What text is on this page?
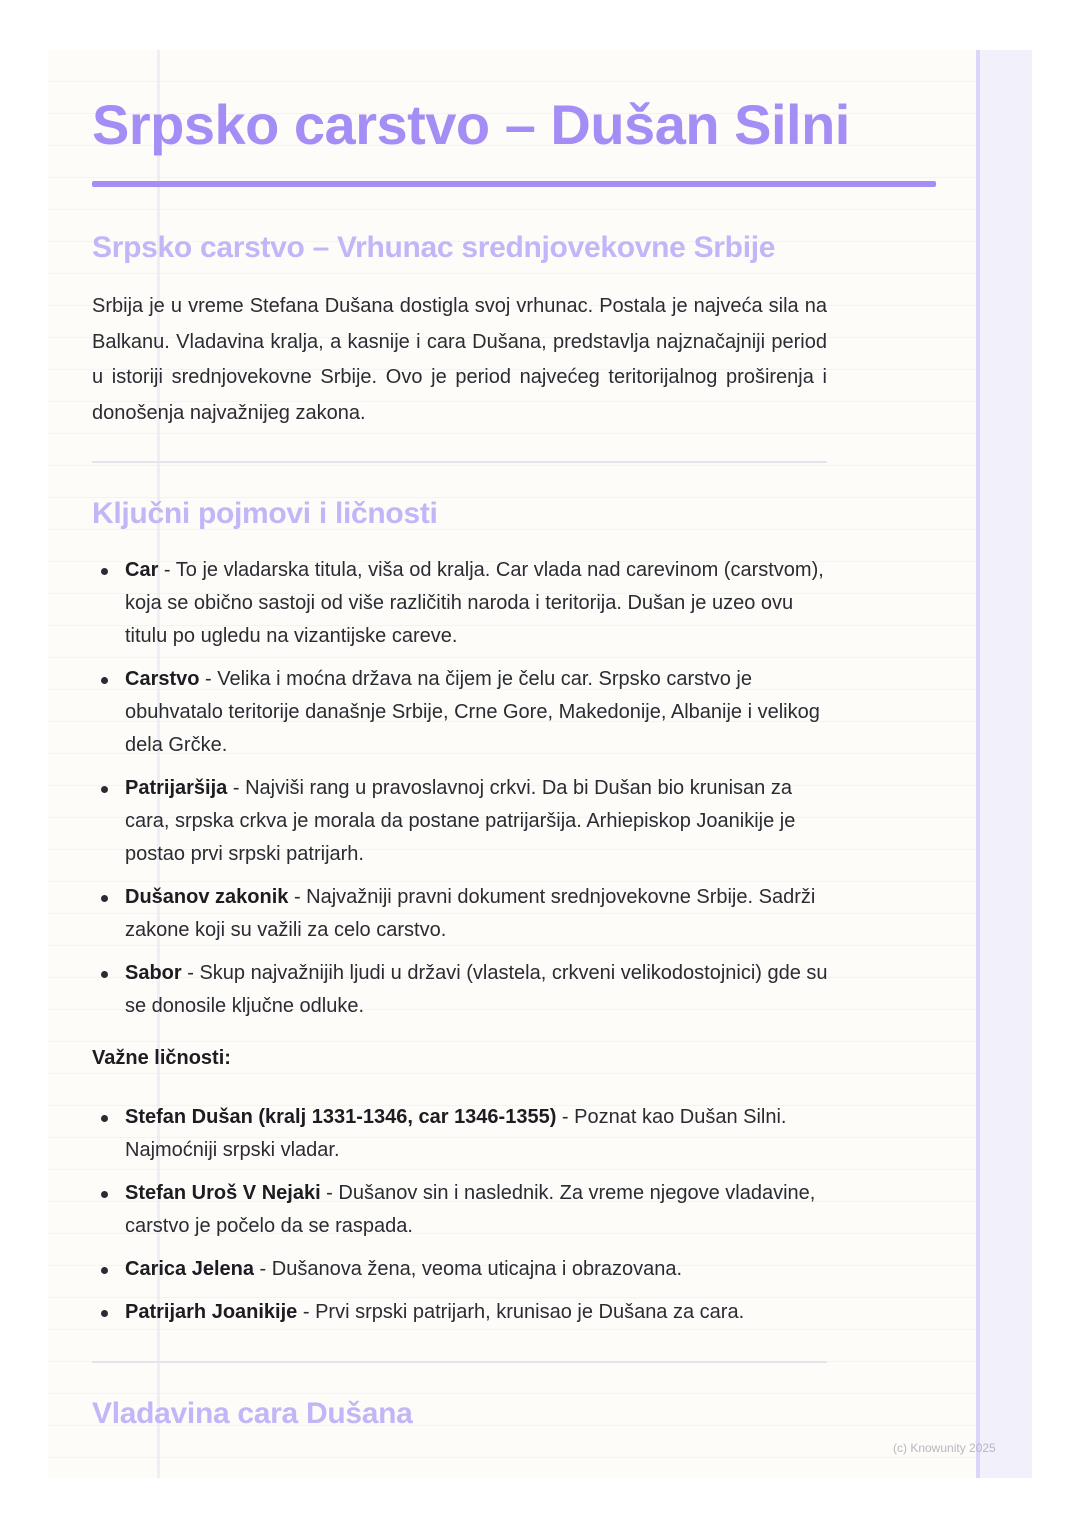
Srpsko carstvo – Dušan Silni
Srpsko carstvo – Vrhunac srednjovekovne Srbije

Srbija je u vreme Stefana Dušana dostigla svoj vrhunac. Postala je najveća sila na Balkanu. Vladavina kralja, a kasnije i cara Dušana, predstavlja najznačajniji period u istoriji srednjovekovne Srbije. Ovo je period najvećeg teritorijalnog proširenja i donošenja najvažnijeg zakona.

Ključni pojmovi i ličnosti
Car - To je vladarska titula, viša od kralja. Car vlada nad carevinom (carstvom), koja se obično sastoji od više različitih naroda i teritorija. Dušan je uzeo ovu titulu po ugledu na vizantijske careve.
Carstvo - Velika i moćna država na čijem je čelu car. Srpsko carstvo je obuhvatalo teritorije današnje Srbije, Crne Gore, Makedonije, Albanije i velikog dela Grčke.
Patrijaršija - Najviši rang u pravoslavnoj crkvi. Da bi Dušan bio krunisan za cara, srpska crkva je morala da postane patrijaršija. Arhiepiskop Joanikije je postao prvi srpski patrijarh.
Dušanov zakonik - Najvažniji pravni dokument srednjovekovne Srbije. Sadrži zakone koji su važili za celo carstvo.
Sabor - Skup najvažnijih ljudi u državi (vlastela, crkveni velikodostojnici) gde su se donosile ključne odluke.

Važne ličnosti:

Stefan Dušan (kralj 1331-1346, car 1346-1355) - Poznat kao Dušan Silni. Najmoćniji srpski vladar.
Stefan Uroš V Nejaki - Dušanov sin i naslednik. Za vreme njegove vladavine, carstvo je počelo da se raspada.
Carica Jelena - Dušanova žena, veoma uticajna i obrazovana.
Patrijarh Joanikije - Prvi srpski patrijarh, krunisao je Dušana za cara.
Vladavina cara Dušana
(c) Knowunity 2025
